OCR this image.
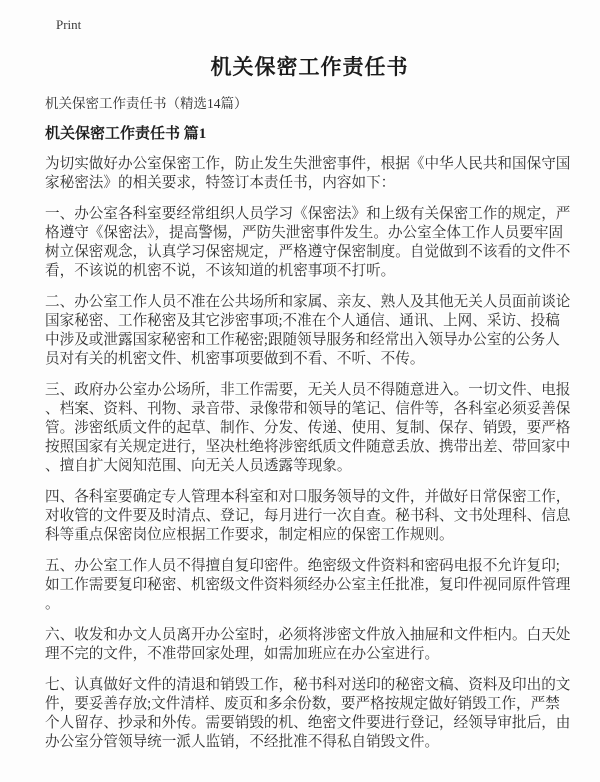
Print
机关保密工作责任书
机关保密工作责任书（精选14篇）
机关保密工作责任书 篇1

为切实做好办公室保密工作，防止发生失泄密事件，根据《中华人民共和国保守国家秘密法》的相关要求，特签订本责任书，内容如下：

一、办公室各科室要经常组织人员学习《保密法》和上级有关保密工作的规定，严格遵守《保密法》，提高警惕，严防失泄密事件发生。办公室全体工作人员要牢固树立保密观念，认真学习保密规定，严格遵守保密制度。自觉做到不该看的文件不看，不该说的机密不说，不该知道的机密事项不打听。

二、办公室工作人员不准在公共场所和家属、亲友、熟人及其他无关人员面前谈论国家秘密、工作秘密及其它涉密事项;不准在个人通信、通讯、上网、采访、投稿中涉及或泄露国家秘密和工作秘密;跟随领导服务和经常出入领导办公室的公务人员对有关的机密文件、机密事项要做到不看、不听、不传。

三、政府办公室办公场所，非工作需要，无关人员不得随意进入。一切文件、电报、档案、资料、刊物、录音带、录像带和领导的笔记、信件等，各科室必须妥善保管。涉密纸质文件的起草、制作、分发、传递、使用、复制、保存、销毁，要严格按照国家有关规定进行，坚决杜绝将涉密纸质文件随意丢放、携带出差、带回家中、擅自扩大阅知范围、向无关人员透露等现象。

四、各科室要确定专人管理本科室和对口服务领导的文件，并做好日常保密工作，对收管的文件要及时清点、登记，每月进行一次自查。秘书科、文书处理科、信息科等重点保密岗位应根据工作要求，制定相应的保密工作规则。

五、办公室工作人员不得擅自复印密件。绝密级文件资料和密码电报不允许复印;如工作需要复印秘密、机密级文件资料须经办公室主任批准，复印件视同原件管理。

六、收发和办文人员离开办公室时，必须将涉密文件放入抽屉和文件柜内。白天处理不完的文件，不准带回家处理，如需加班应在办公室进行。

七、认真做好文件的清退和销毁工作，秘书科对送印的秘密文稿、资料及印出的文件，要妥善存放;文件清样、废页和多余份数，要严格按规定做好销毁工作，严禁个人留存、抄录和外传。需要销毁的机、绝密文件要进行登记，经领导审批后，由办公室分管领导统一派人监销，不经批准不得私自销毁文件。
